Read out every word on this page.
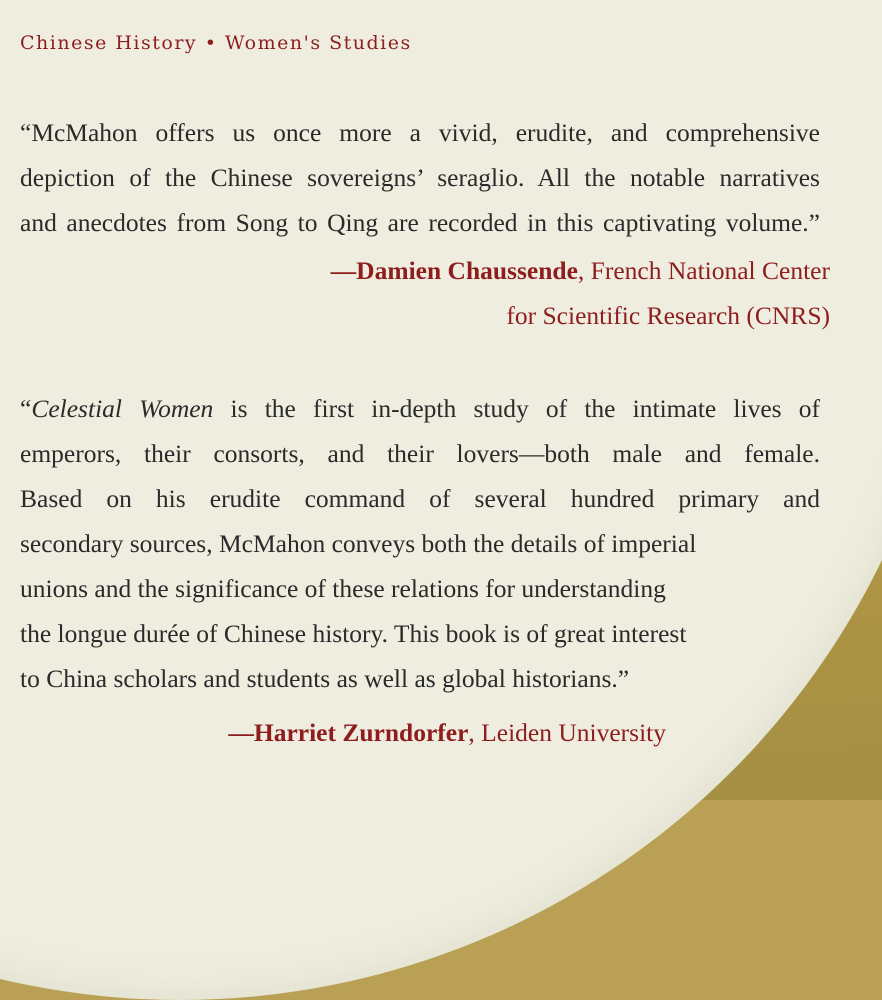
Chinese History • Women's Studies
“McMahon offers us once more a vivid, erudite, and comprehensive
depiction of the Chinese sovereigns’ seraglio. All the notable narratives
and anecdotes from Song to Qing are recorded in this captivating volume.”
—Damien Chaussende, French National Center
for Scientific Research (CNRS)
“Celestial Women is the first in-depth study of the intimate lives of
emperors, their consorts, and their lovers—both male and female.
Based on his erudite command of several hundred primary and
secondary sources, McMahon conveys both the details of imperial
unions and the significance of these relations for understanding
the longue durée of Chinese history. This book is of great interest
to China scholars and students as well as global historians.”
—Harriet Zurndorfer, Leiden University
